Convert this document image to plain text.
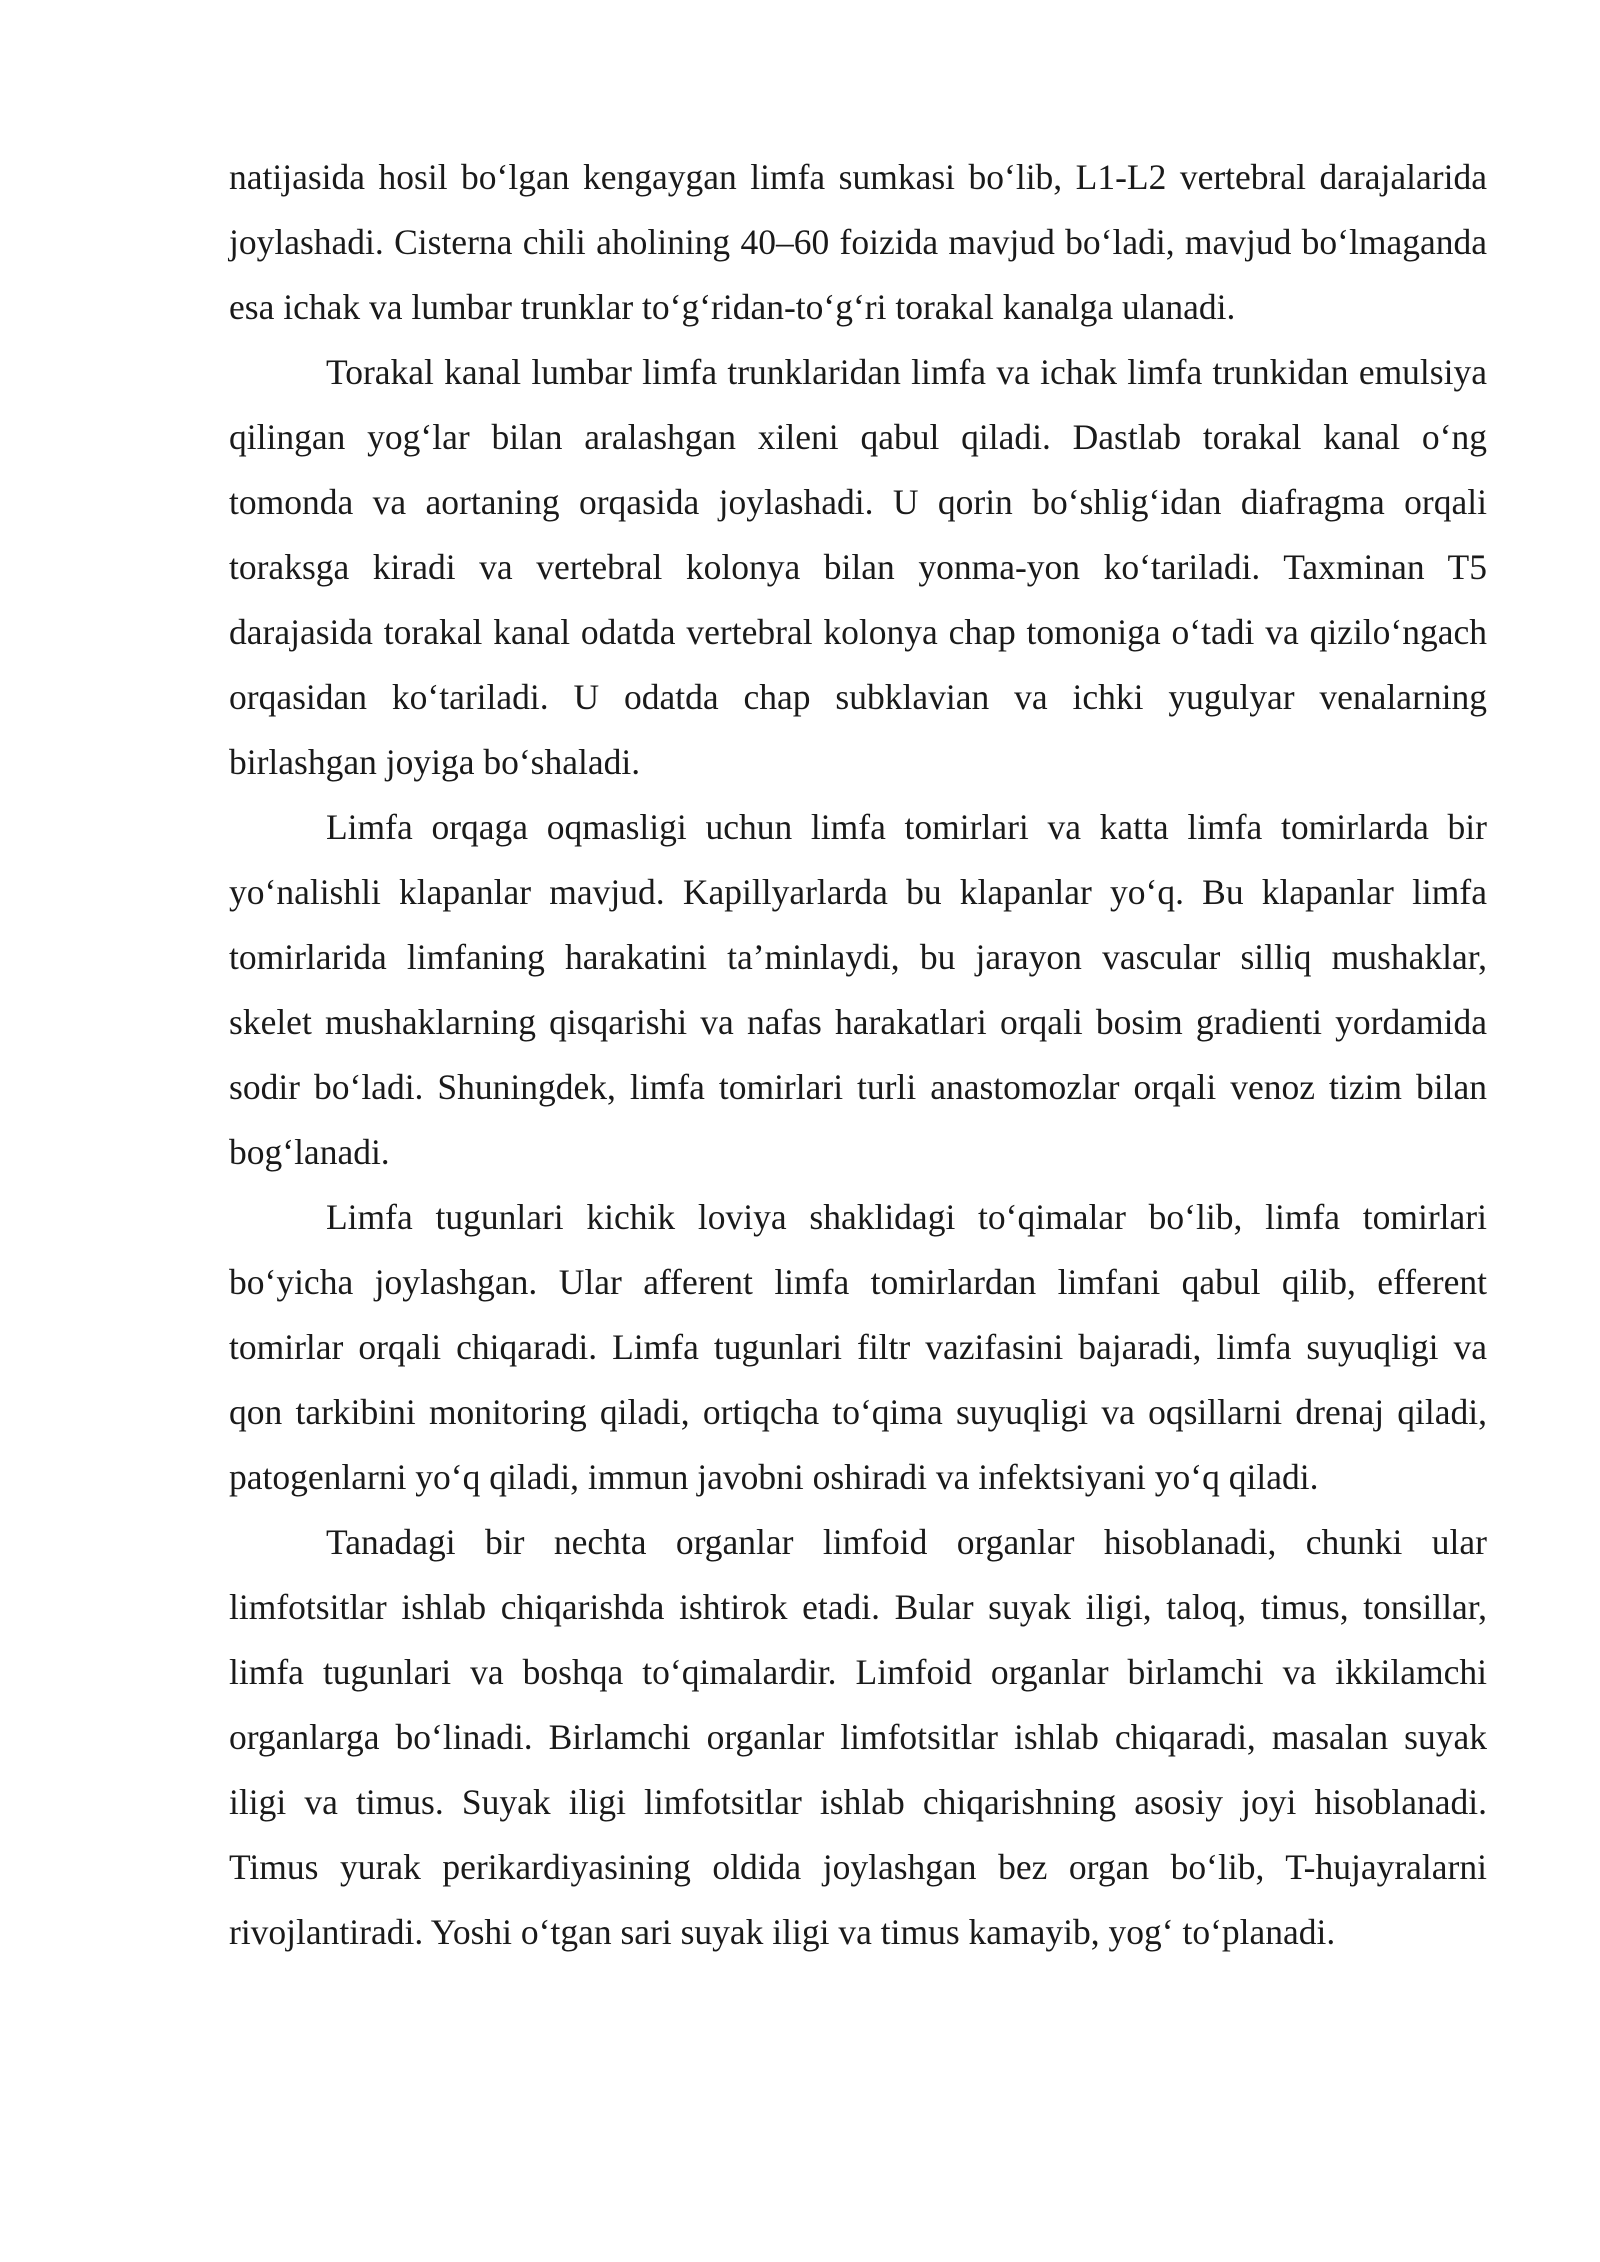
natijasida hosil bo‘lgan kengaygan limfa sumkasi bo‘lib, L1-L2 vertebral darajalarida joylashadi. Cisterna chili aholining 40–60 foizida mavjud bo‘ladi, mavjud bo‘lmaganda esa ichak va lumbar trunklar to‘g‘ridan-to‘g‘ri torakal kanalga ulanadi.

Torakal kanal lumbar limfa trunklaridan limfa va ichak limfa trunkidan emulsiya qilingan yog‘lar bilan aralashgan xileni qabul qiladi. Dastlab torakal kanal o‘ng tomonda va aortaning orqasida joylashadi. U qorin bo‘shlig‘idan diafragma orqali toraksga kiradi va vertebral kolonya bilan yonma-yon ko‘tariladi. Taxminan T5 darajasida torakal kanal odatda vertebral kolonya chap tomoniga o‘tadi va qizilo‘ngach orqasidan ko‘tariladi. U odatda chap subklavian va ichki yugulyar venalarning birlashgan joyiga bo‘shaladi.

Limfa orqaga oqmasligi uchun limfa tomirlari va katta limfa tomirlarda bir yo‘nalishli klapanlar mavjud. Kapillyarlarda bu klapanlar yo‘q. Bu klapanlar limfa tomirlarida limfaning harakatini ta’minlaydi, bu jarayon vascular silliq mushaklar, skelet mushaklarning qisqarishi va nafas harakatlari orqali bosim gradienti yordamida sodir bo‘ladi. Shuningdek, limfa tomirlari turli anastomozlar orqali venoz tizim bilan bog‘lanadi.

Limfa tugunlari kichik loviya shaklidagi to‘qimalar bo‘lib, limfa tomirlari bo‘yicha joylashgan. Ular afferent limfa tomirlardan limfani qabul qilib, efferent tomirlar orqali chiqaradi. Limfa tugunlari filtr vazifasini bajaradi, limfa suyuqligi va qon tarkibini monitoring qiladi, ortiqcha to‘qima suyuqligi va oqsillarni drenaj qiladi, patogenlarni yo‘q qiladi, immun javobni oshiradi va infektsiyani yo‘q qiladi.

Tanadagi bir nechta organlar limfoid organlar hisoblanadi, chunki ular limfotsitlar ishlab chiqarishda ishtirok etadi. Bular suyak iligi, taloq, timus, tonsillar, limfa tugunlari va boshqa to‘qimalardir. Limfoid organlar birlamchi va ikkilamchi organlarga bo‘linadi. Birlamchi organlar limfotsitlar ishlab chiqaradi, masalan suyak iligi va timus. Suyak iligi limfotsitlar ishlab chiqarishning asosiy joyi hisoblanadi. Timus yurak perikardiyasining oldida joylashgan bez organ bo‘lib, T-hujayralarni rivojlantiradi. Yoshi o‘tgan sari suyak iligi va timus kamayib, yog‘ to‘planadi.
